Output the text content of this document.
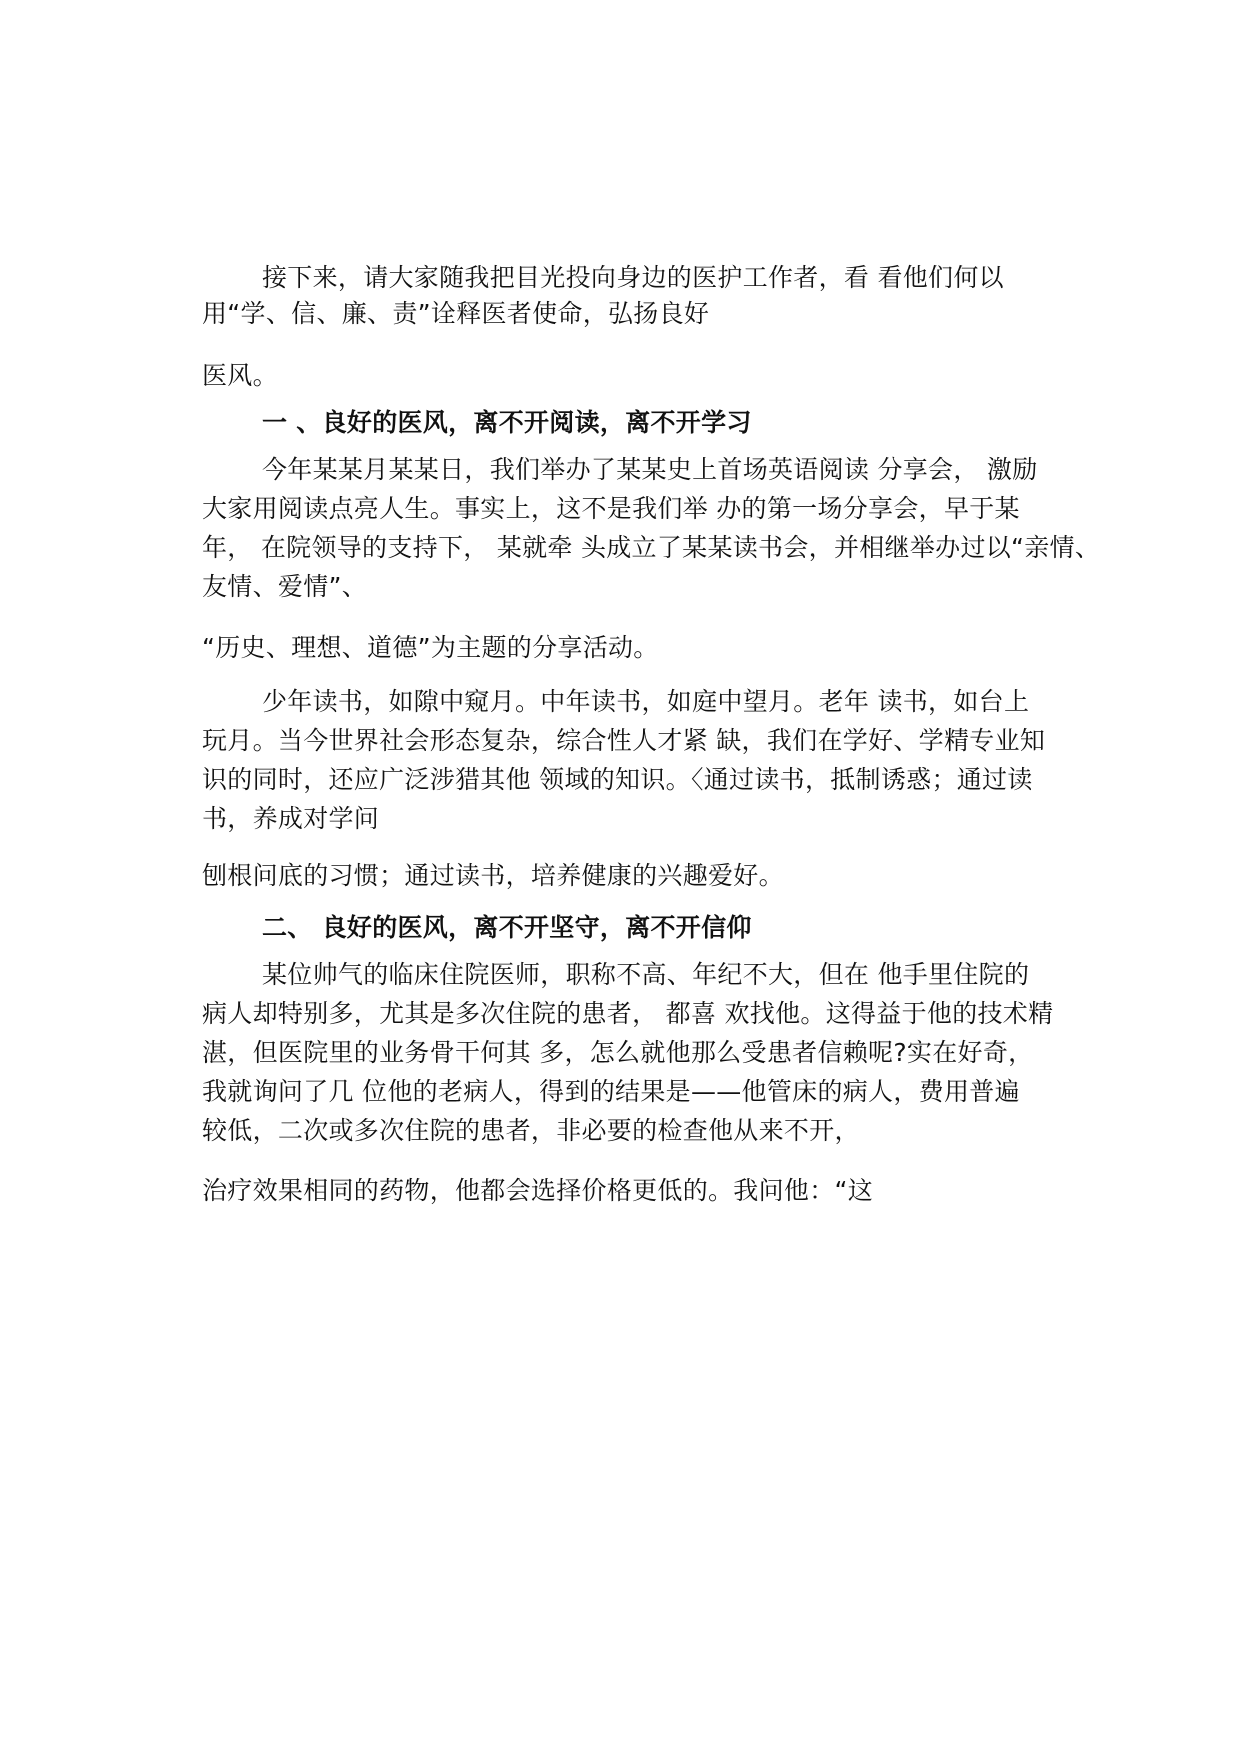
接下来，请大家随我把目光投向身边的医护工作者，看 看他们何以
用“学、信、廉、责”诠释医者使命，弘扬良好
医风。
一 、良好的医风，离不开阅读，离不开学习
今年某某月某某日，我们举办了某某史上首场英语阅读 分享会， 激励
大家用阅读点亮人生。事实上，这不是我们举 办的第一场分享会，早于某
年， 在院领导的支持下， 某就牵 头成立了某某读书会，并相继举办过以“亲情、
友情、爱情”、
“历史、理想、道德”为主题的分享活动。
少年读书，如隙中窥月。中年读书，如庭中望月。老年 读书，如台上
玩月。当今世界社会形态复杂，综合性人才紧 缺，我们在学好、学精专业知
识的同时，还应广泛涉猎其他 领域的知识。〈通过读书，抵制诱惑；通过读
书，养成对学问
刨根问底的习惯；通过读书，培养健康的兴趣爱好。
二、 良好的医风，离不开坚守，离不开信仰
某位帅气的临床住院医师，职称不高、年纪不大，但在 他手里住院的
病人却特别多，尤其是多次住院的患者， 都喜 欢找他。这得益于他的技术精
湛，但医院里的业务骨干何其 多，怎么就他那么受患者信赖呢?实在好奇，
我就询问了几 位他的老病人，得到的结果是——他管床的病人，费用普遍
较低，二次或多次住院的患者，非必要的检查他从来不开，
治疗效果相同的药物，他都会选择价格更低的。我问他：“这
